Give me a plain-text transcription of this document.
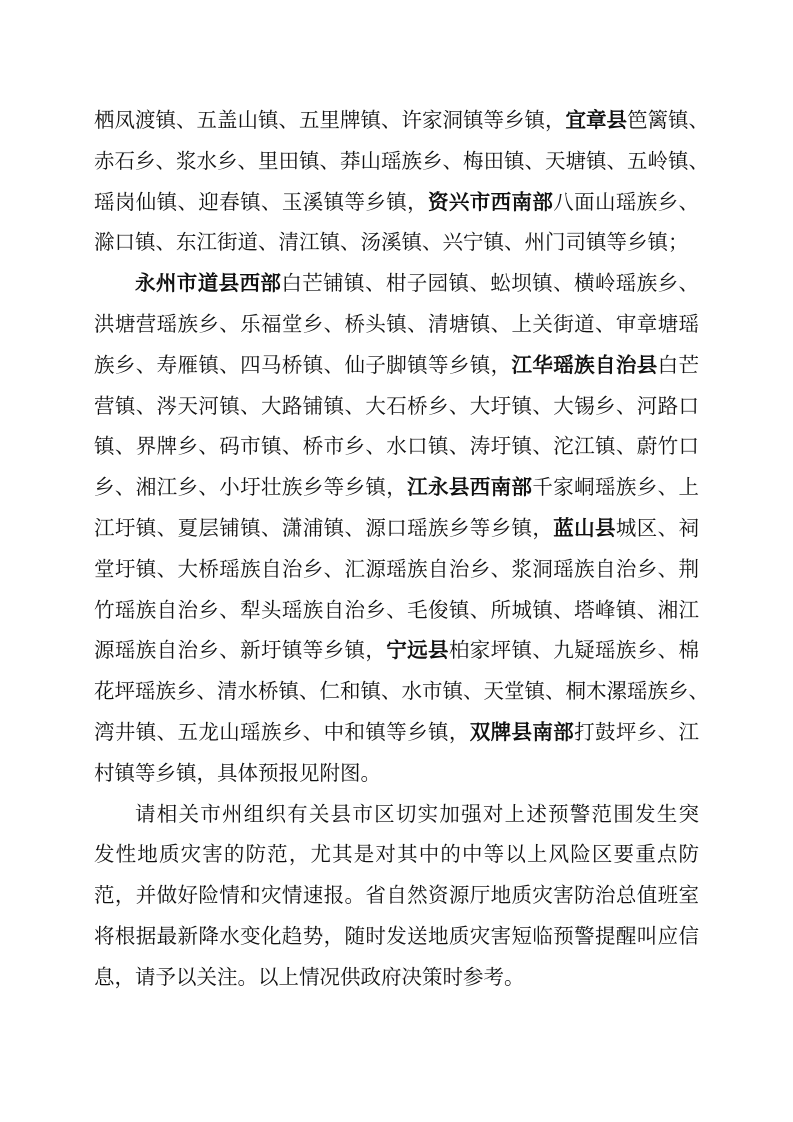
栖凤渡镇、五盖山镇、五里牌镇、许家洞镇等乡镇，宜章县笆篱镇、
赤石乡、浆水乡、里田镇、莽山瑶族乡、梅田镇、天塘镇、五岭镇、
瑶岗仙镇、迎春镇、玉溪镇等乡镇，资兴市西南部八面山瑶族乡、
滁口镇、东江街道、清江镇、汤溪镇、兴宁镇、州门司镇等乡镇；
永州市道县西部白芒铺镇、柑子园镇、蚣坝镇、横岭瑶族乡、
洪塘营瑶族乡、乐福堂乡、桥头镇、清塘镇、上关街道、审章塘瑶
族乡、寿雁镇、四马桥镇、仙子脚镇等乡镇，江华瑶族自治县白芒
营镇、涔天河镇、大路铺镇、大石桥乡、大圩镇、大锡乡、河路口
镇、界牌乡、码市镇、桥市乡、水口镇、涛圩镇、沱江镇、蔚竹口
乡、湘江乡、小圩壮族乡等乡镇，江永县西南部千家峒瑶族乡、上
江圩镇、夏层铺镇、潇浦镇、源口瑶族乡等乡镇，蓝山县城区、祠
堂圩镇、大桥瑶族自治乡、汇源瑶族自治乡、浆洞瑶族自治乡、荆
竹瑶族自治乡、犁头瑶族自治乡、毛俊镇、所城镇、塔峰镇、湘江
源瑶族自治乡、新圩镇等乡镇，宁远县柏家坪镇、九疑瑶族乡、棉
花坪瑶族乡、清水桥镇、仁和镇、水市镇、天堂镇、桐木漯瑶族乡、
湾井镇、五龙山瑶族乡、中和镇等乡镇，双牌县南部打鼓坪乡、江
村镇等乡镇，具体预报见附图。
请相关市州组织有关县市区切实加强对上述预警范围发生突
发性地质灾害的防范，尤其是对其中的中等以上风险区要重点防
范，并做好险情和灾情速报。省自然资源厅地质灾害防治总值班室
将根据最新降水变化趋势，随时发送地质灾害短临预警提醒叫应信
息，请予以关注。以上情况供政府决策时参考。
